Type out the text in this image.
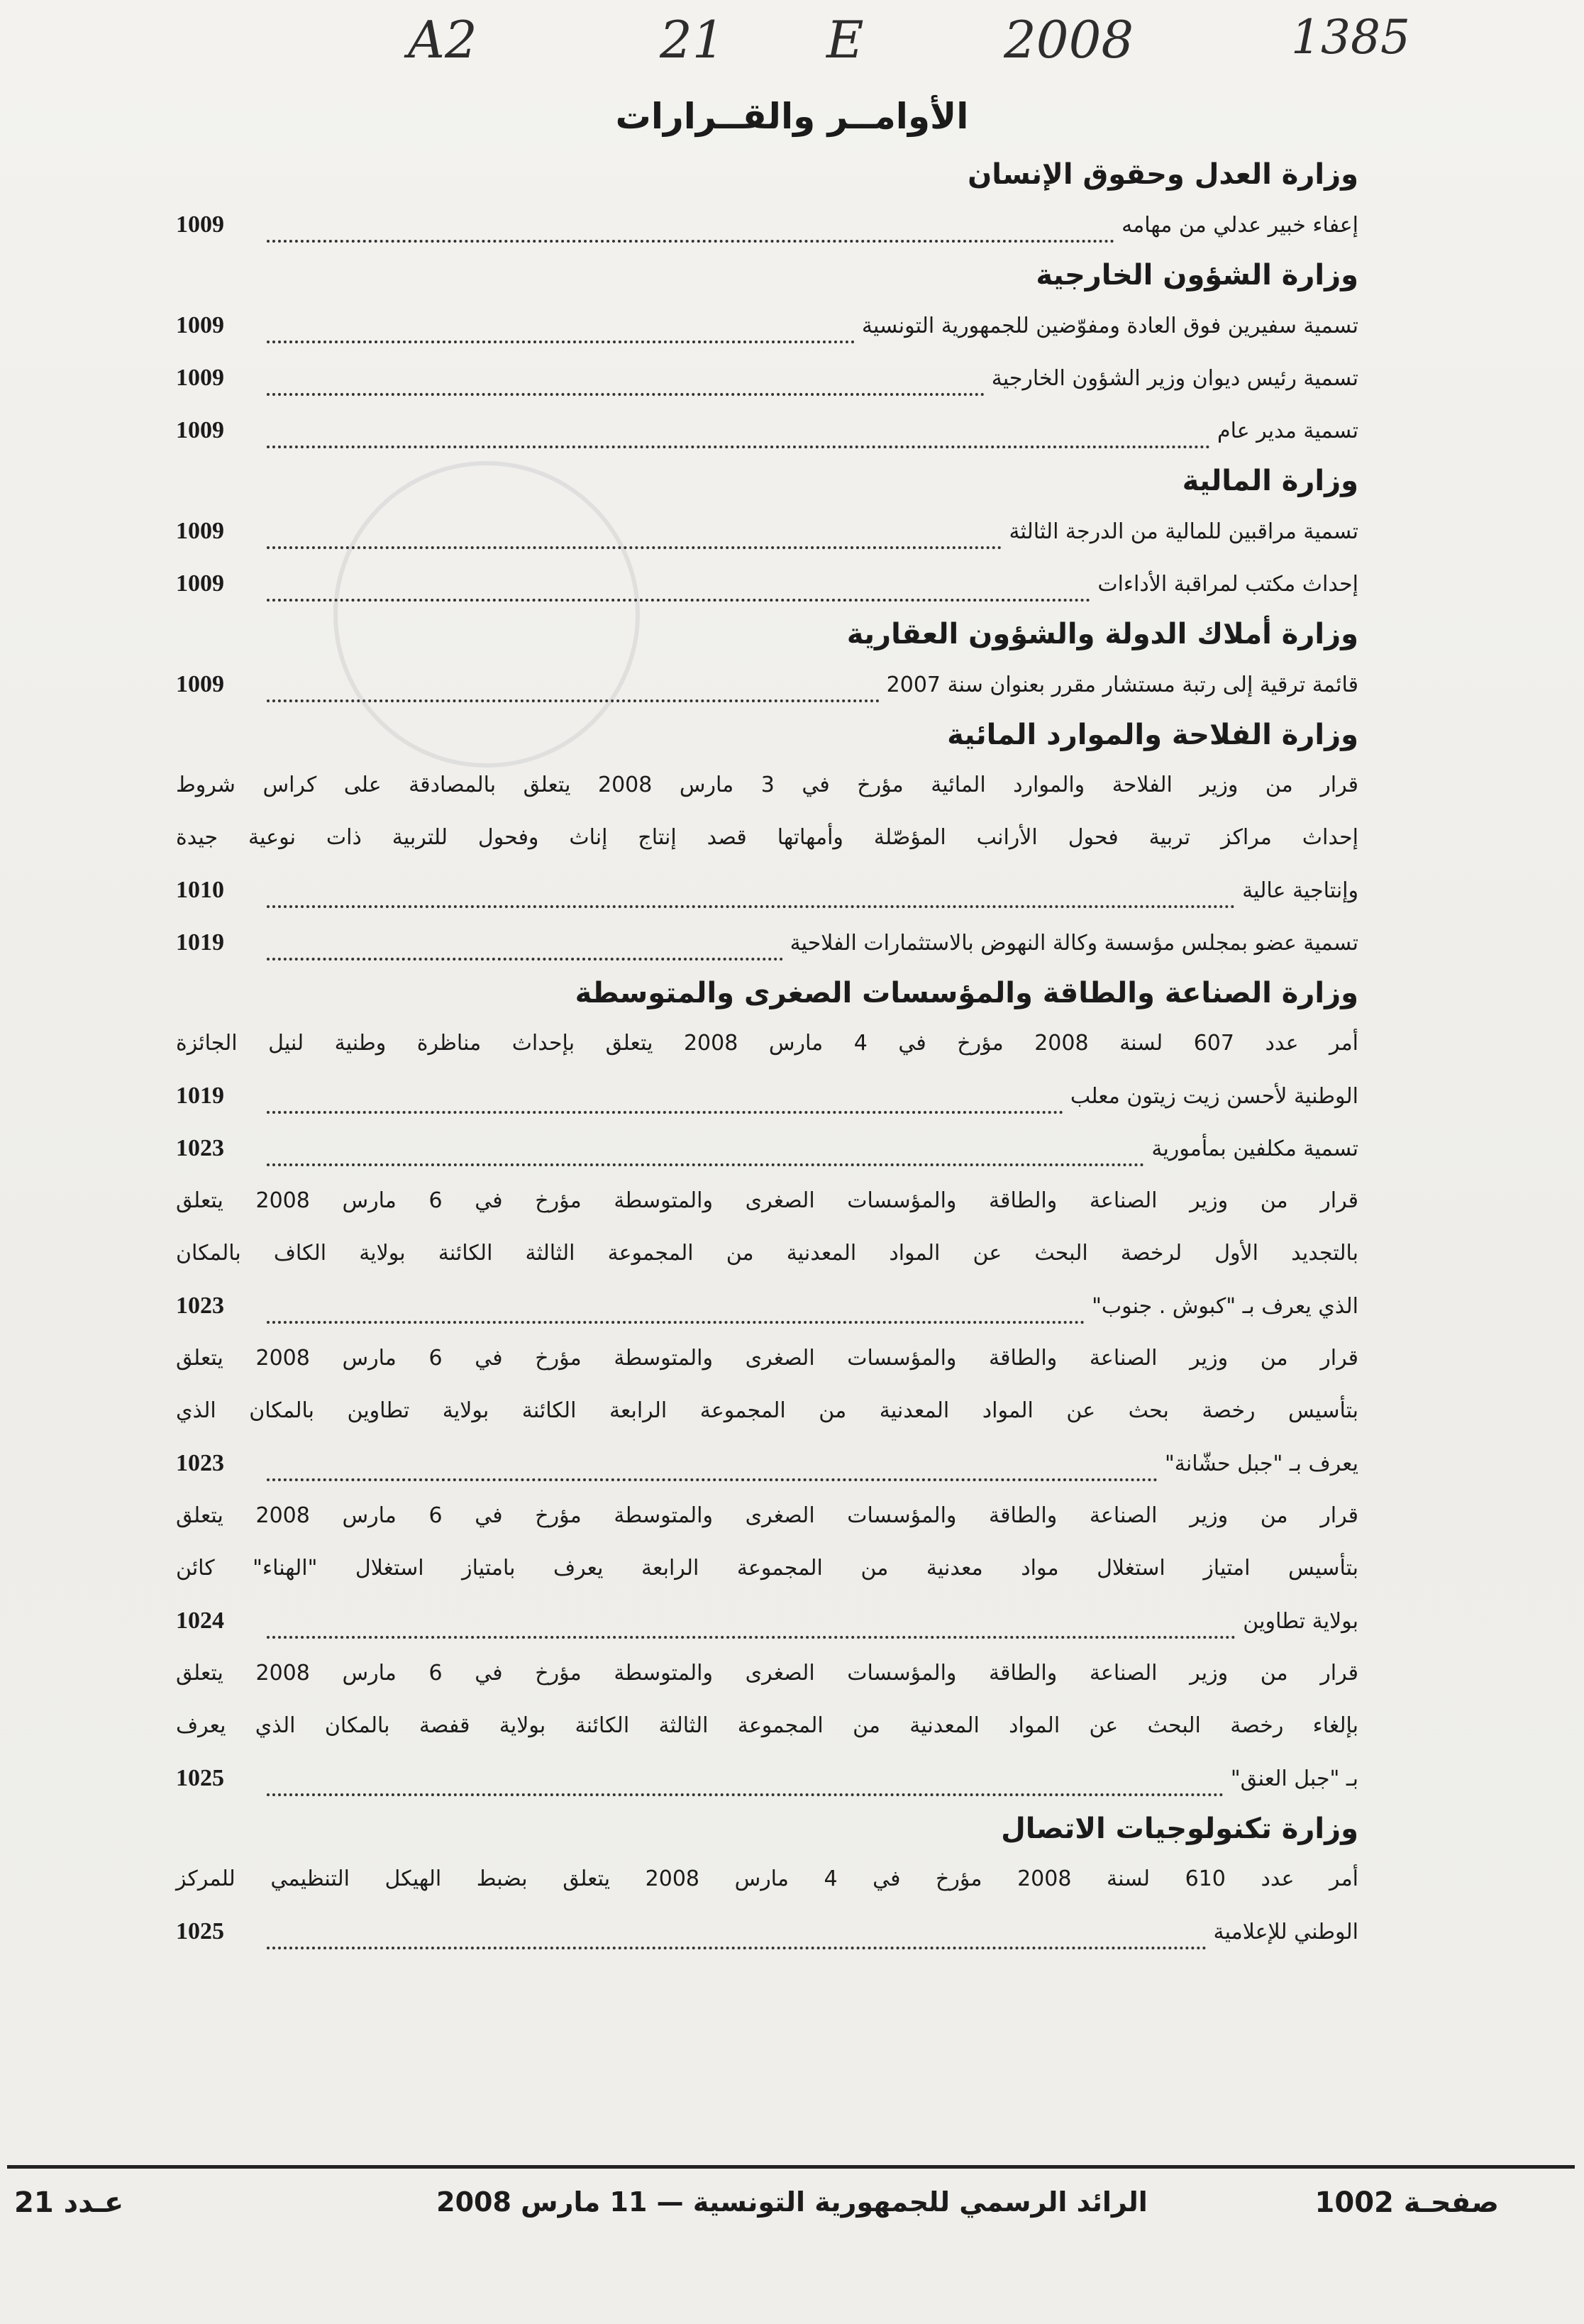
A2	21 E	2008	1385
الأوامــر والقــرارات
وزارة العدل وحقوق الإنسان
إعفاء خبير عدلي من مهامه
1009
وزارة الشؤون الخارجية
تسمية سفيرين فوق العادة ومفوّضين للجمهورية التونسية
1009
تسمية رئيس ديوان وزير الشؤون الخارجية
1009
تسمية مدير عام
1009
وزارة المالية
تسمية مراقبين للمالية من الدرجة الثالثة
1009
إحداث مكتب لمراقبة الأداءات
1009
وزارة أملاك الدولة والشؤون العقارية
قائمة ترقية إلى رتبة مستشار مقرر بعنوان سنة 2007
1009
وزارة الفلاحة والموارد المائية
قرار من وزير الفلاحة والموارد المائية مؤرخ في 3 مارس 2008 يتعلق بالمصادقة على كراس شروط
إحداث مراكز تربية فحول الأرانب المؤصّلة وأمهاتها قصد إنتاج إناث وفحول للتربية ذات نوعية جيدة
وإنتاجية عالية
1010
تسمية عضو بمجلس مؤسسة وكالة النهوض بالاستثمارات الفلاحية
1019
وزارة الصناعة والطاقة والمؤسسات الصغرى والمتوسطة
أمر عدد 607 لسنة 2008 مؤرخ في 4 مارس 2008 يتعلق بإحداث مناظرة وطنية لنيل الجائزة
الوطنية لأحسن زيت زيتون معلب
1019
تسمية مكلفين بمأمورية
1023
قرار من وزير الصناعة والطاقة والمؤسسات الصغرى والمتوسطة مؤرخ في 6 مارس 2008 يتعلق
بالتجديد الأول لرخصة البحث عن المواد المعدنية من المجموعة الثالثة الكائنة بولاية الكاف بالمكان
الذي يعرف بـ "كبوش . جنوب"
1023
قرار من وزير الصناعة والطاقة والمؤسسات الصغرى والمتوسطة مؤرخ في 6 مارس 2008 يتعلق
بتأسيس رخصة بحث عن المواد المعدنية من المجموعة الرابعة الكائنة بولاية تطاوين بالمكان الذي
يعرف بـ "جبل حشّانة"
1023
قرار من وزير الصناعة والطاقة والمؤسسات الصغرى والمتوسطة مؤرخ في 6 مارس 2008 يتعلق
بتأسيس امتياز استغلال مواد معدنية من المجموعة الرابعة يعرف بامتياز استغلال "الهناء" كائن
بولاية تطاوين
1024
قرار من وزير الصناعة والطاقة والمؤسسات الصغرى والمتوسطة مؤرخ في 6 مارس 2008 يتعلق
بإلغاء رخصة البحث عن المواد المعدنية من المجموعة الثالثة الكائنة بولاية قفصة بالمكان الذي يعرف
بـ "جبل العنق"
1025
وزارة تكنولوجيات الاتصال
أمر عدد 610 لسنة 2008 مؤرخ في 4 مارس 2008 يتعلق بضبط الهيكل التنظيمي للمركز
الوطني للإعلامية
1025
صفحـة 1002
الرائد الرسمي للجمهورية التونسية — 11 مارس 2008
عـدد 21
